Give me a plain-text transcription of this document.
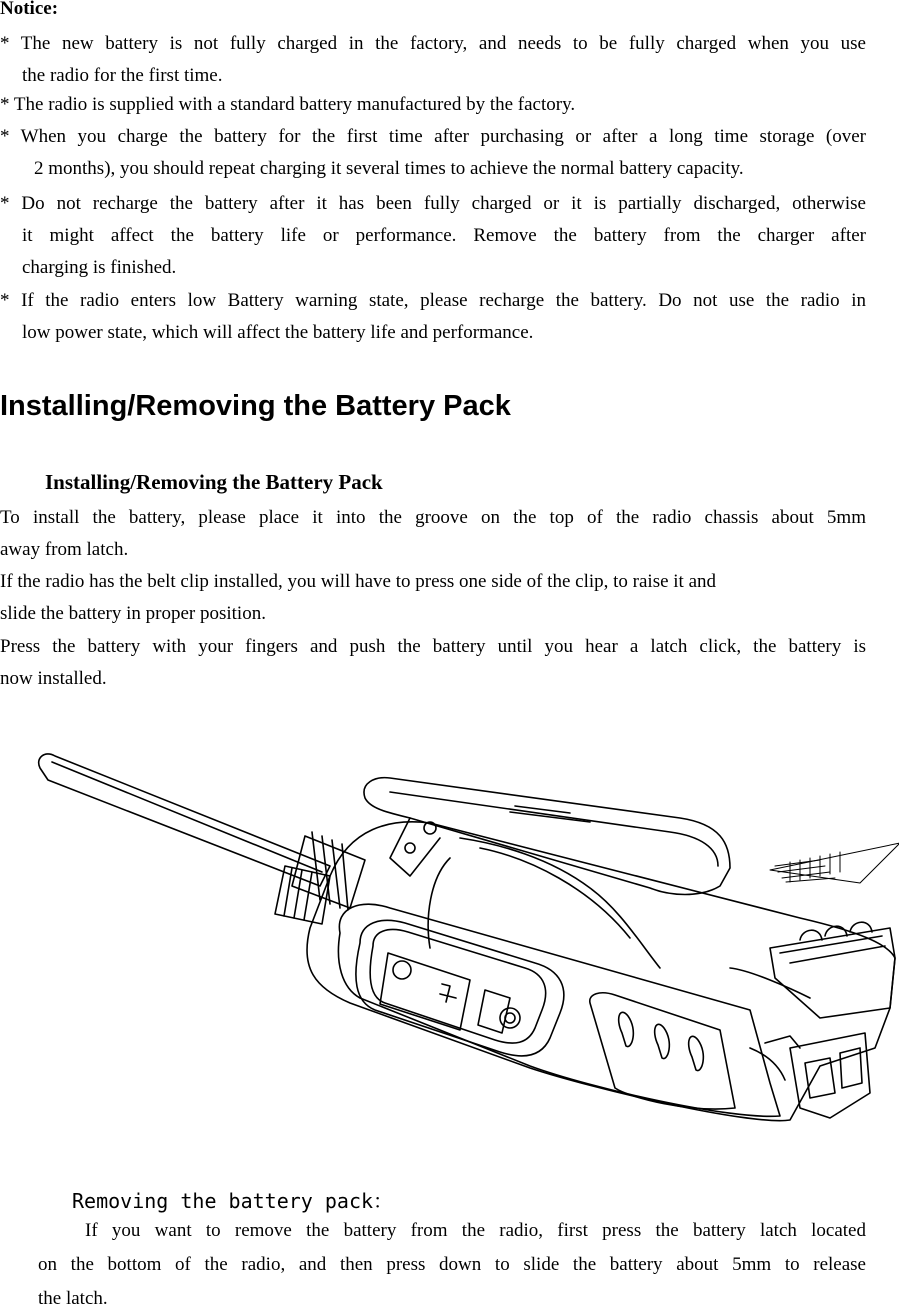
Notice:
* The new battery is not fully charged in the factory, and needs to be fully charged when you use
the radio for the first time.
* The radio is supplied with a standard battery manufactured by the factory.
* When you charge the battery for the first time after purchasing or after a long time storage (over
2 months), you should repeat charging it several times to achieve the normal battery capacity.
* Do not recharge the battery after it has been fully charged or it is partially discharged, otherwise
it might affect the battery life or performance. Remove the battery from the charger after
charging is finished.
* If the radio enters low Battery warning state, please recharge the battery. Do not use the radio in
low power state, which will affect the battery life and performance.
Installing/Removing the Battery Pack
Installing/Removing the Battery Pack
To install the battery, please place it into the groove on the top of the radio chassis about 5mm
away from latch.
If the radio has the belt clip installed, you will have to press one side of the clip, to raise it and
slide the battery in proper position.
Press the battery with your fingers and push the battery until you hear a latch click, the battery is
now installed.
Removing the battery pack：
If you want to remove the battery from the radio, first press the battery latch located
on the bottom of the radio, and then press down to slide the battery about 5mm to release
the latch.
